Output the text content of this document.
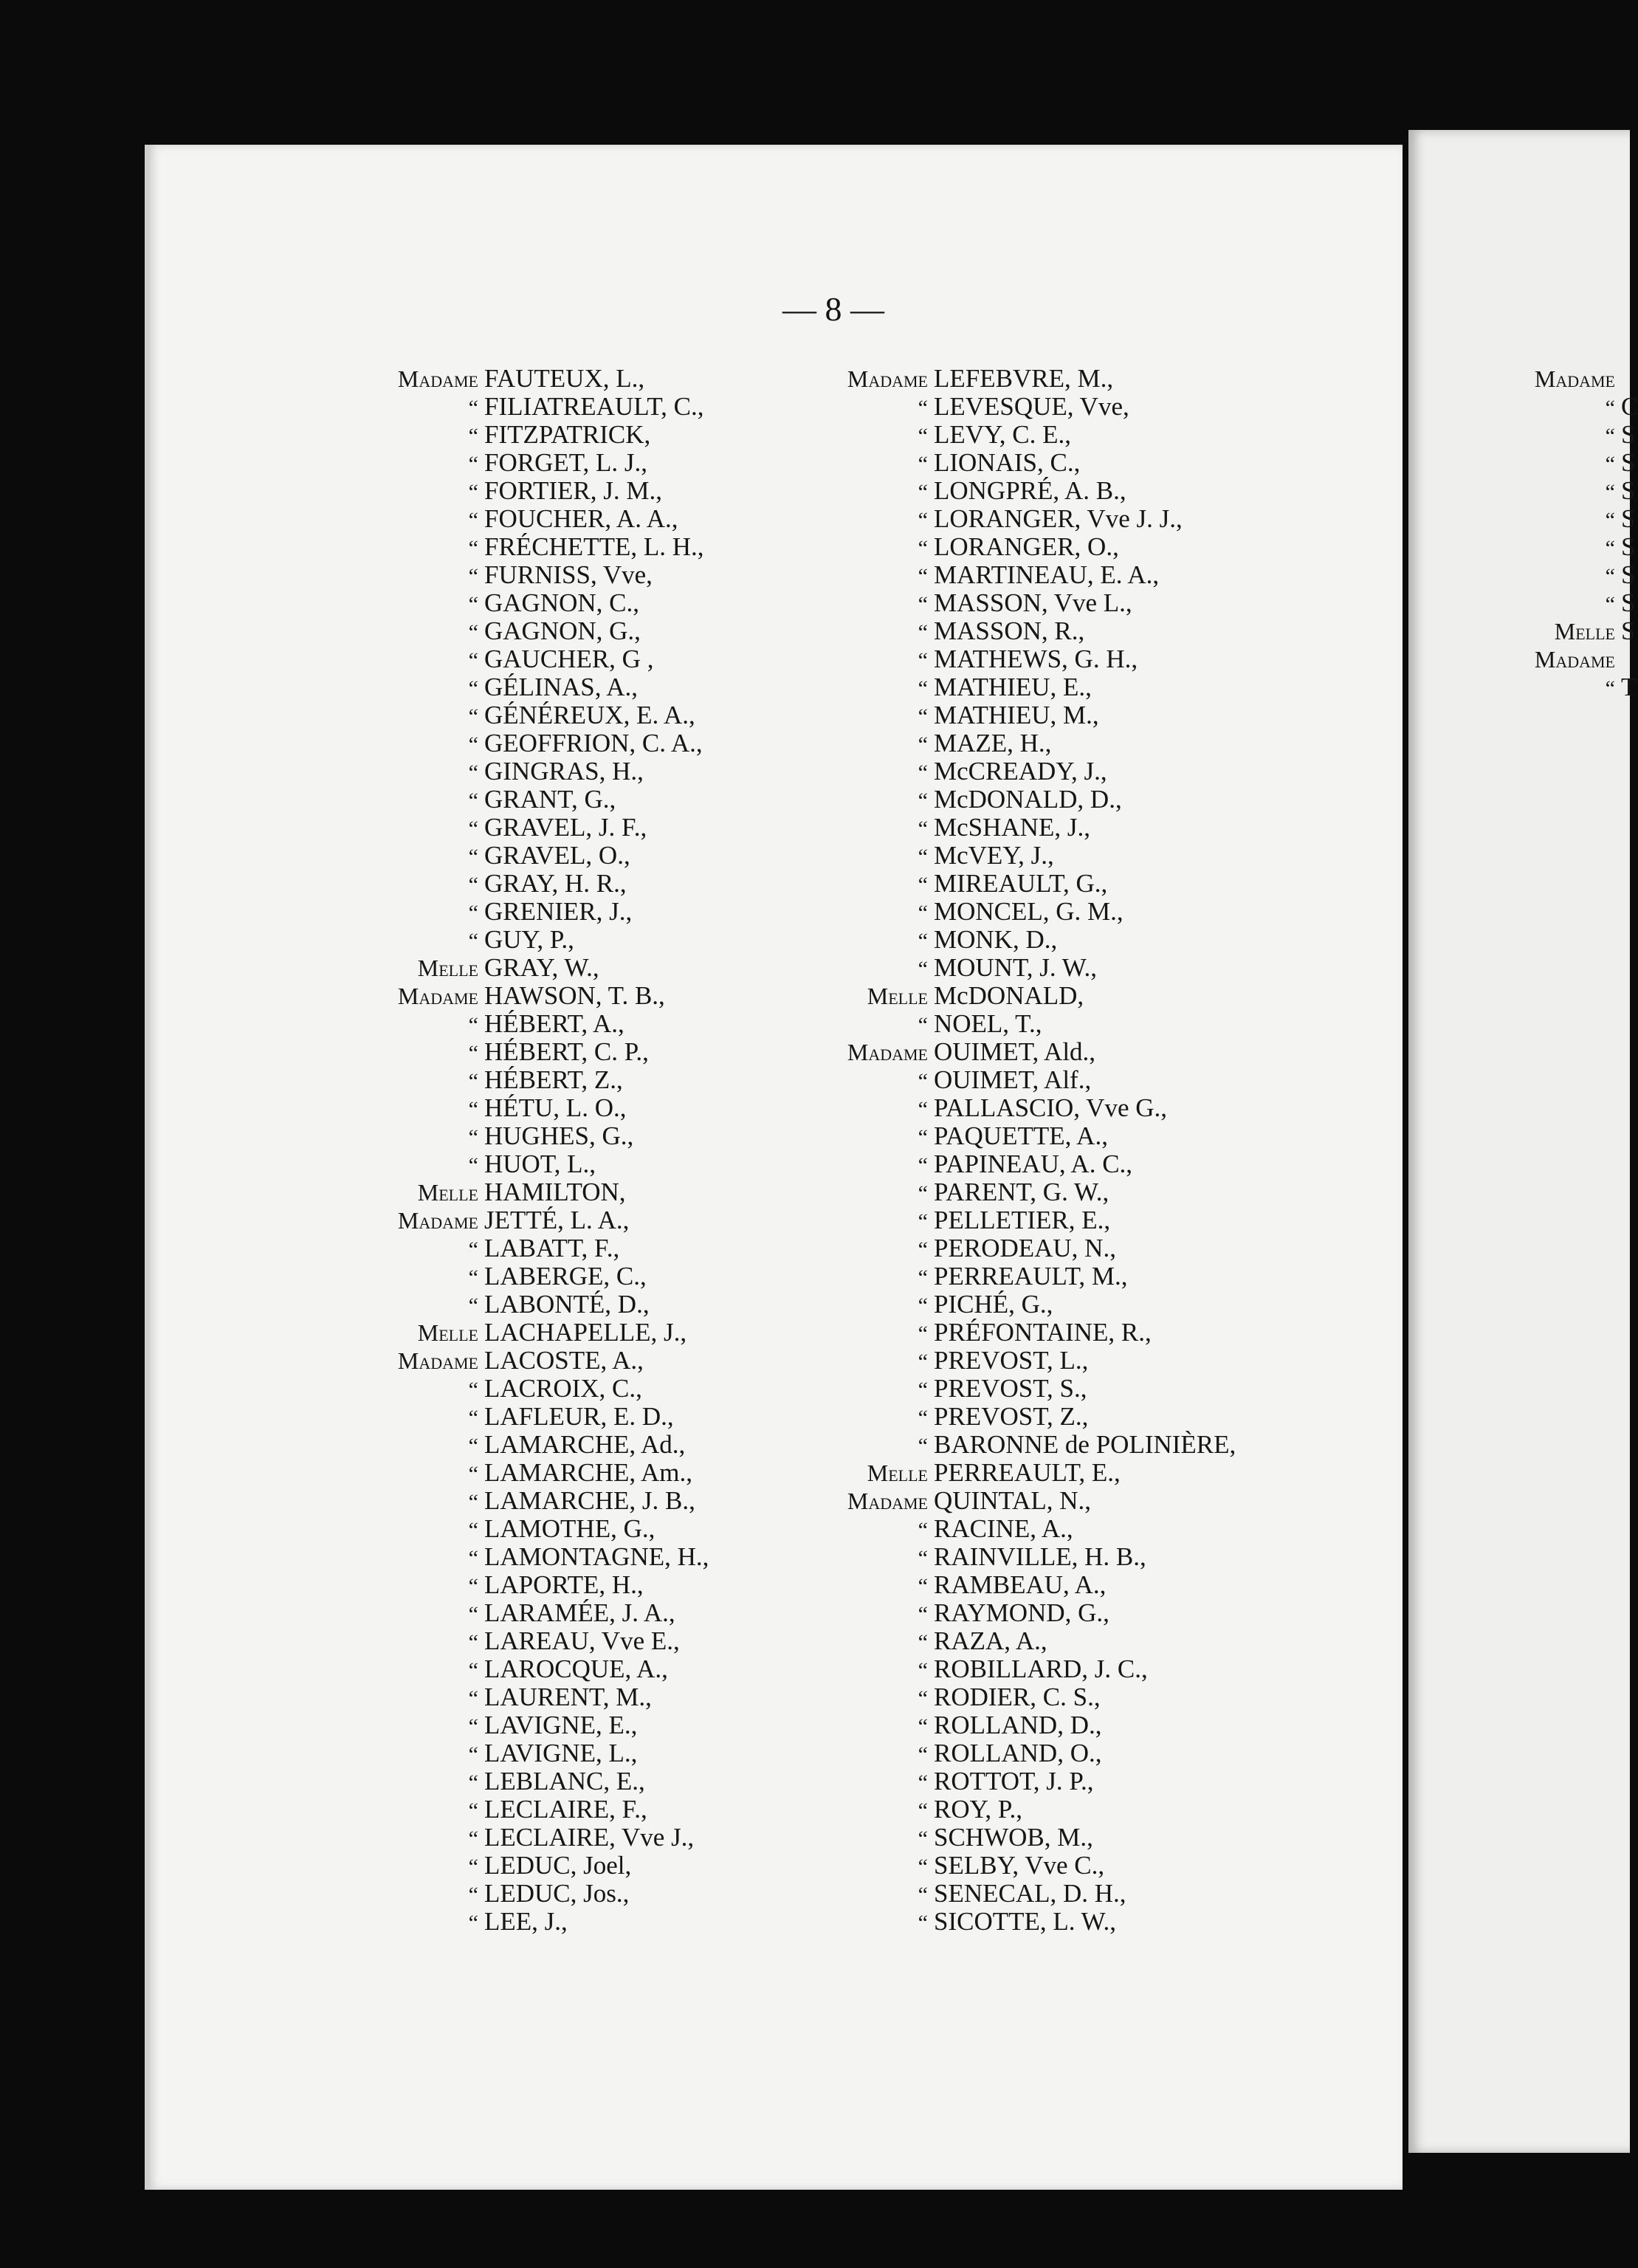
— 8 —
Madame FAUTEUX, L.,
“ FILIATREAULT, C.,
“ FITZPATRICK,
“ FORGET, L. J.,
“ FORTIER, J. M.,
“ FOUCHER, A. A.,
“ FRÉCHETTE, L. H.,
“ FURNISS, Vve,
“ GAGNON, C.,
“ GAGNON, G.,
“ GAUCHER, G ,
“ GÉLINAS, A.,
“ GÉNÉREUX, E. A.,
“ GEOFFRION, C. A.,
“ GINGRAS, H.,
“ GRANT, G.,
“ GRAVEL, J. F.,
“ GRAVEL, O.,
“ GRAY, H. R.,
“ GRENIER, J.,
“ GUY, P.,
Melle GRAY, W.,
Madame HAWSON, T. B.,
“ HÉBERT, A.,
“ HÉBERT, C. P.,
“ HÉBERT, Z.,
“ HÉTU, L. O.,
“ HUGHES, G.,
“ HUOT, L.,
Melle HAMILTON,
Madame JETTÉ, L. A.,
“ LABATT, F.,
“ LABERGE, C.,
“ LABONTÉ, D.,
Melle LACHAPELLE, J.,
Madame LACOSTE, A.,
“ LACROIX, C.,
“ LAFLEUR, E. D.,
“ LAMARCHE, Ad.,
“ LAMARCHE, Am.,
“ LAMARCHE, J. B.,
“ LAMOTHE, G.,
“ LAMONTAGNE, H.,
“ LAPORTE, H.,
“ LARAMÉE, J. A.,
“ LAREAU, Vve E.,
“ LAROCQUE, A.,
“ LAURENT, M.,
“ LAVIGNE, E.,
“ LAVIGNE, L.,
“ LEBLANC, E.,
“ LECLAIRE, F.,
“ LECLAIRE, Vve J.,
“ LEDUC, Joel,
“ LEDUC, Jos.,
“ LEE, J.,
Madame LEFEBVRE, M.,
“ LEVESQUE, Vve,
“ LEVY, C. E.,
“ LIONAIS, C.,
“ LONGPRÉ, A. B.,
“ LORANGER, Vve J. J.,
“ LORANGER, O.,
“ MARTINEAU, E. A.,
“ MASSON, Vve L.,
“ MASSON, R.,
“ MATHEWS, G. H.,
“ MATHIEU, E.,
“ MATHIEU, M.,
“ MAZE, H.,
“ McCREADY, J.,
“ McDONALD, D.,
“ McSHANE, J.,
“ McVEY, J.,
“ MIREAULT, G.,
“ MONCEL, G. M.,
“ MONK, D.,
“ MOUNT, J. W.,
Melle McDONALD,
“ NOEL, T.,
Madame OUIMET, Ald.,
“ OUIMET, Alf.,
“ PALLASCIO, Vve G.,
“ PAQUETTE, A.,
“ PAPINEAU, A. C.,
“ PARENT, G. W.,
“ PELLETIER, E.,
“ PERODEAU, N.,
“ PERREAULT, M.,
“ PICHÉ, G.,
“ PRÉFONTAINE, R.,
“ PREVOST, L.,
“ PREVOST, S.,
“ PREVOST, Z.,
“ BARONNE de POLINIÈRE,
Melle PERREAULT, E.,
Madame QUINTAL, N.,
“ RACINE, A.,
“ RAINVILLE, H. B.,
“ RAMBEAU, A.,
“ RAYMOND, G.,
“ RAZA, A.,
“ ROBILLARD, J. C.,
“ RODIER, C. S.,
“ ROLLAND, D.,
“ ROLLAND, O.,
“ ROTTOT, J. P.,
“ ROY, P.,
“ SCHWOB, M.,
“ SELBY, Vve C.,
“ SENECAL, D. H.,
“ SICOTTE, L. W.,
Madame
“ C
“ S
“ S
“ S
“ S
“ S
“ S
“ S
Melle S
Madame
“ T
